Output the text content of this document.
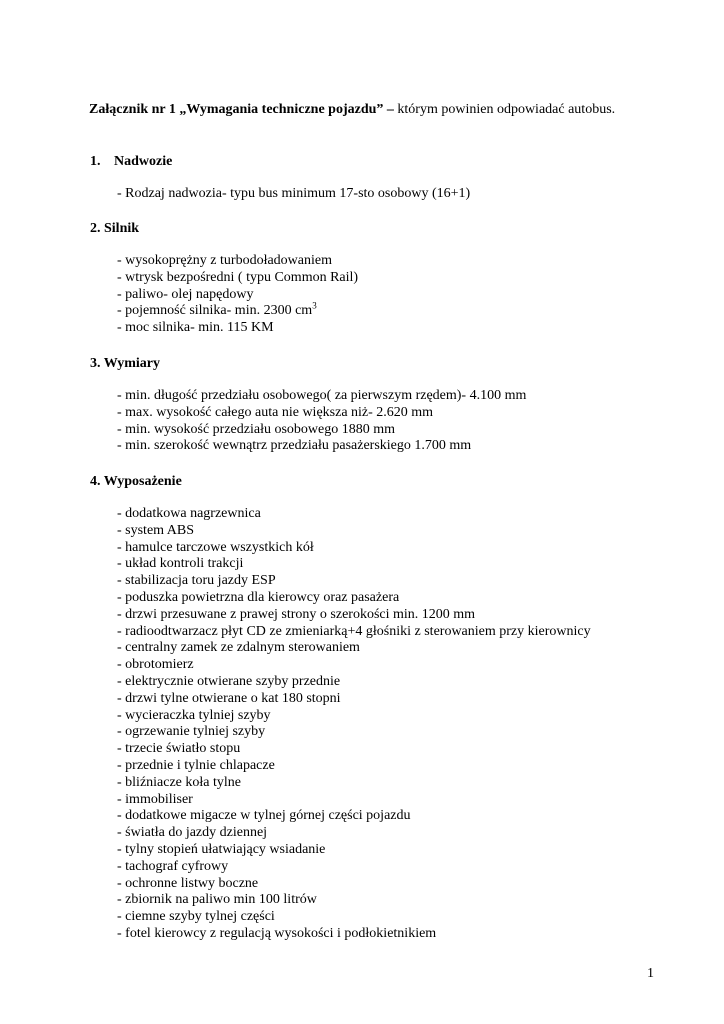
Załącznik nr 1 „Wymagania techniczne pojazdu” – którym powinien odpowiadać autobus.
1. Nadwozie
- Rodzaj nadwozia- typu bus minimum 17-sto osobowy (16+1)
2. Silnik
- wysokoprężny z turbodoładowaniem
- wtrysk bezpośredni ( typu Common Rail)
- paliwo- olej napędowy
- pojemność silnika- min. 2300 $cm^3$
- moc silnika- min. 115 KM
3. Wymiary
- min. długość przedziału osobowego( za pierwszym rzędem)- 4.100 mm
- max. wysokość całego auta nie większa niż- 2.620 mm
- min. wysokość przedziału osobowego 1880 mm
- min. szerokość wewnątrz przedziału pasażerskiego 1.700 mm
4. Wyposażenie
- dodatkowa nagrzewnica
- system ABS
- hamulce tarczowe wszystkich kół
- układ kontroli trakcji
- stabilizacja toru jazdy ESP
- poduszka powietrzna dla kierowcy oraz pasażera
- drzwi przesuwane z prawej strony o szerokości min. 1200 mm
- radioodtwarzacz płyt CD ze zmieniarką+4 głośniki z sterowaniem przy kierownicy
- centralny zamek ze zdalnym sterowaniem
- obrotomierz
- elektrycznie otwierane szyby przednie
- drzwi tylne otwierane o kat 180 stopni
- wycieraczka tylniej szyby
- ogrzewanie tylniej szyby
- trzecie światło stopu
- przednie i tylnie chlapacze
- bliźniacze koła tylne
- immobiliser
- dodatkowe migacze w tylnej górnej części pojazdu
- światła do jazdy dziennej
- tylny stopień ułatwiający wsiadanie
- tachograf cyfrowy
- ochronne listwy boczne
- zbiornik na paliwo min 100 litrów
- ciemne szyby tylnej części
- fotel kierowcy z regulacją wysokości i podłokietnikiem
1
